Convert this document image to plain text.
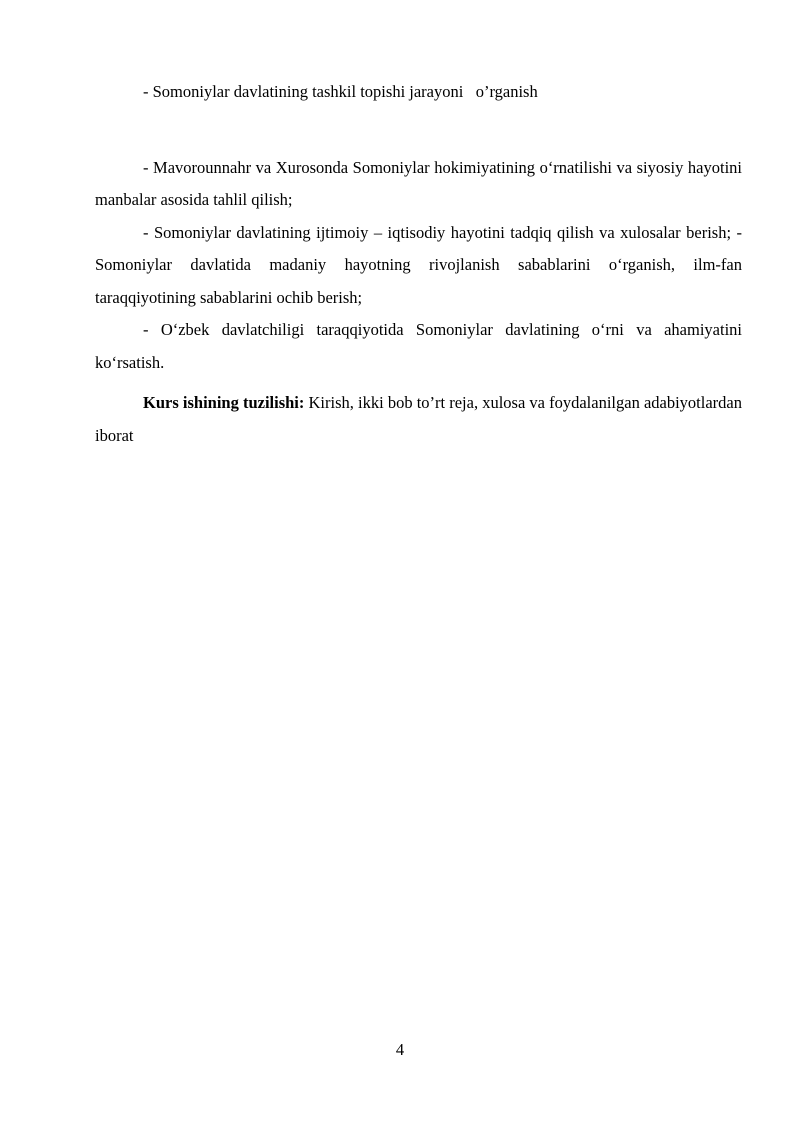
- Somoniylar davlatining tashkil topishi jarayoni   o’rganish

- Mavorounnahr va Xurosonda Somoniylar hokimiyatining o‘rnatilishi va siyosiy hayotini manbalar asosida tahlil qilish;

- Somoniylar davlatining ijtimoiy – iqtisodiy hayotini tadqiq qilish va xulosalar berish; - Somoniylar davlatida madaniy hayotning rivojlanish sabablarini o‘rganish, ilm-fan taraqqiyotining sabablarini ochib berish;

- O‘zbek davlatchiligi taraqqiyotida Somoniylar davlatining o‘rni va ahamiyatini ko‘rsatish.

Kurs ishining tuzilishi: Kirish, ikki bob to’rt reja, xulosa va foydalanilgan adabiyotlardan iborat

4
